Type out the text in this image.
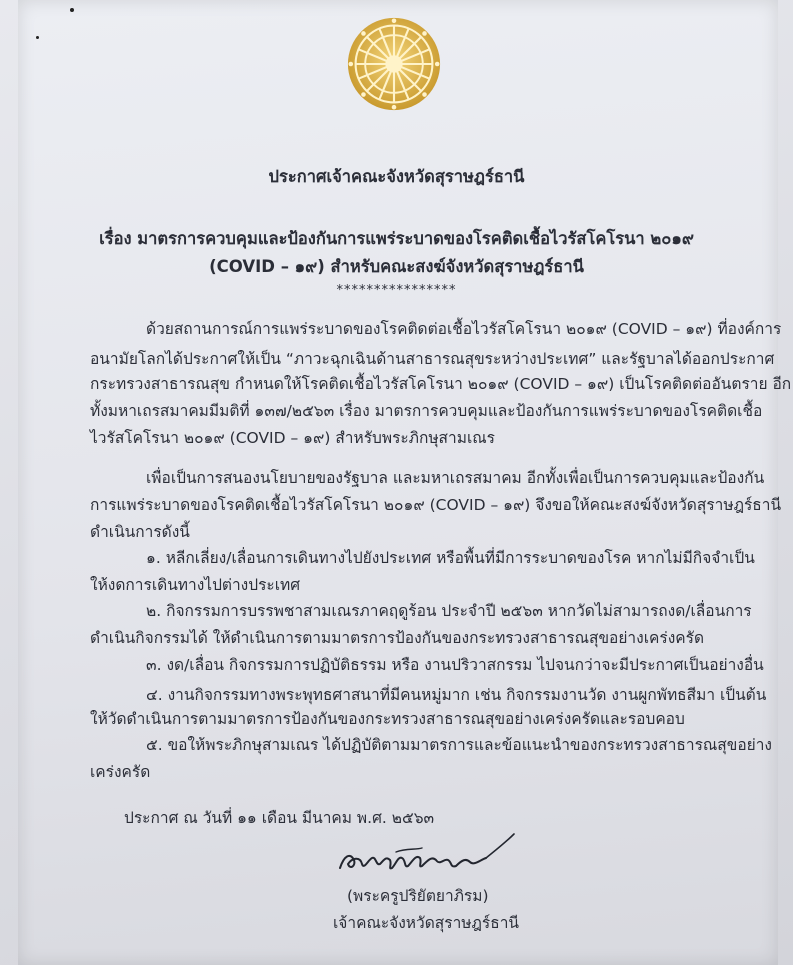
ประกาศเจ้าคณะจังหวัดสุราษฎร์ธานี
เรื่อง มาตรการควบคุมและป้องกันการแพร่ระบาดของโรคติดเชื้อไวรัสโคโรนา ๒๐๑๙
(COVID – ๑๙) สำหรับคณะสงฆ์จังหวัดสุราษฎร์ธานี
****************
ด้วยสถานการณ์การแพร่ระบาดของโรคติดต่อเชื้อไวรัสโคโรนา ๒๐๑๙ (COVID – ๑๙) ที่องค์การ
อนามัยโลกได้ประกาศให้เป็น “ภาวะฉุกเฉินด้านสาธารณสุขระหว่างประเทศ” และรัฐบาลได้ออกประกาศ
กระทรวงสาธารณสุข กำหนดให้โรคติดเชื้อไวรัสโคโรนา ๒๐๑๙ (COVID – ๑๙) เป็นโรคติดต่ออันตราย อีก
ทั้งมหาเถรสมาคมมีมติที่ ๑๓๗/๒๕๖๓ เรื่อง มาตรการควบคุมและป้องกันการแพร่ระบาดของโรคติดเชื้อ
ไวรัสโคโรนา ๒๐๑๙ (COVID – ๑๙) สำหรับพระภิกษุสามเณร
เพื่อเป็นการสนองนโยบายของรัฐบาล และมหาเถรสมาคม อีกทั้งเพื่อเป็นการควบคุมและป้องกัน
การแพร่ระบาดของโรคติดเชื้อไวรัสโคโรนา ๒๐๑๙ (COVID – ๑๙) จึงขอให้คณะสงฆ์จังหวัดสุราษฎร์ธานี
ดำเนินการดังนี้
๑. หลีกเลี่ยง/เลื่อนการเดินทางไปยังประเทศ หรือพื้นที่มีการระบาดของโรค หากไม่มีกิจจำเป็น
ให้งดการเดินทางไปต่างประเทศ
๒. กิจกรรมการบรรพชาสามเณรภาคฤดูร้อน ประจำปี ๒๕๖๓ หากวัดไม่สามารถงด/เลื่อนการ
ดำเนินกิจกรรมได้ ให้ดำเนินการตามมาตรการป้องกันของกระทรวงสาธารณสุขอย่างเคร่งครัด
๓. งด/เลื่อน กิจกรรมการปฏิบัติธรรม หรือ งานปริวาสกรรม ไปจนกว่าจะมีประกาศเป็นอย่างอื่น
๔. งานกิจกรรมทางพระพุทธศาสนาที่มีคนหมู่มาก เช่น กิจกรรมงานวัด งานผูกพัทธสีมา เป็นต้น
ให้วัดดำเนินการตามมาตรการป้องกันของกระทรวงสาธารณสุขอย่างเคร่งครัดและรอบคอบ
๕. ขอให้พระภิกษุสามเณร ได้ปฏิบัติตามมาตรการและข้อแนะนำของกระทรวงสาธารณสุขอย่าง
เคร่งครัด
ประกาศ ณ วันที่ ๑๑ เดือน มีนาคม พ.ศ. ๒๕๖๓
(พระครูปริยัตยาภิรม)
เจ้าคณะจังหวัดสุราษฎร์ธานี
